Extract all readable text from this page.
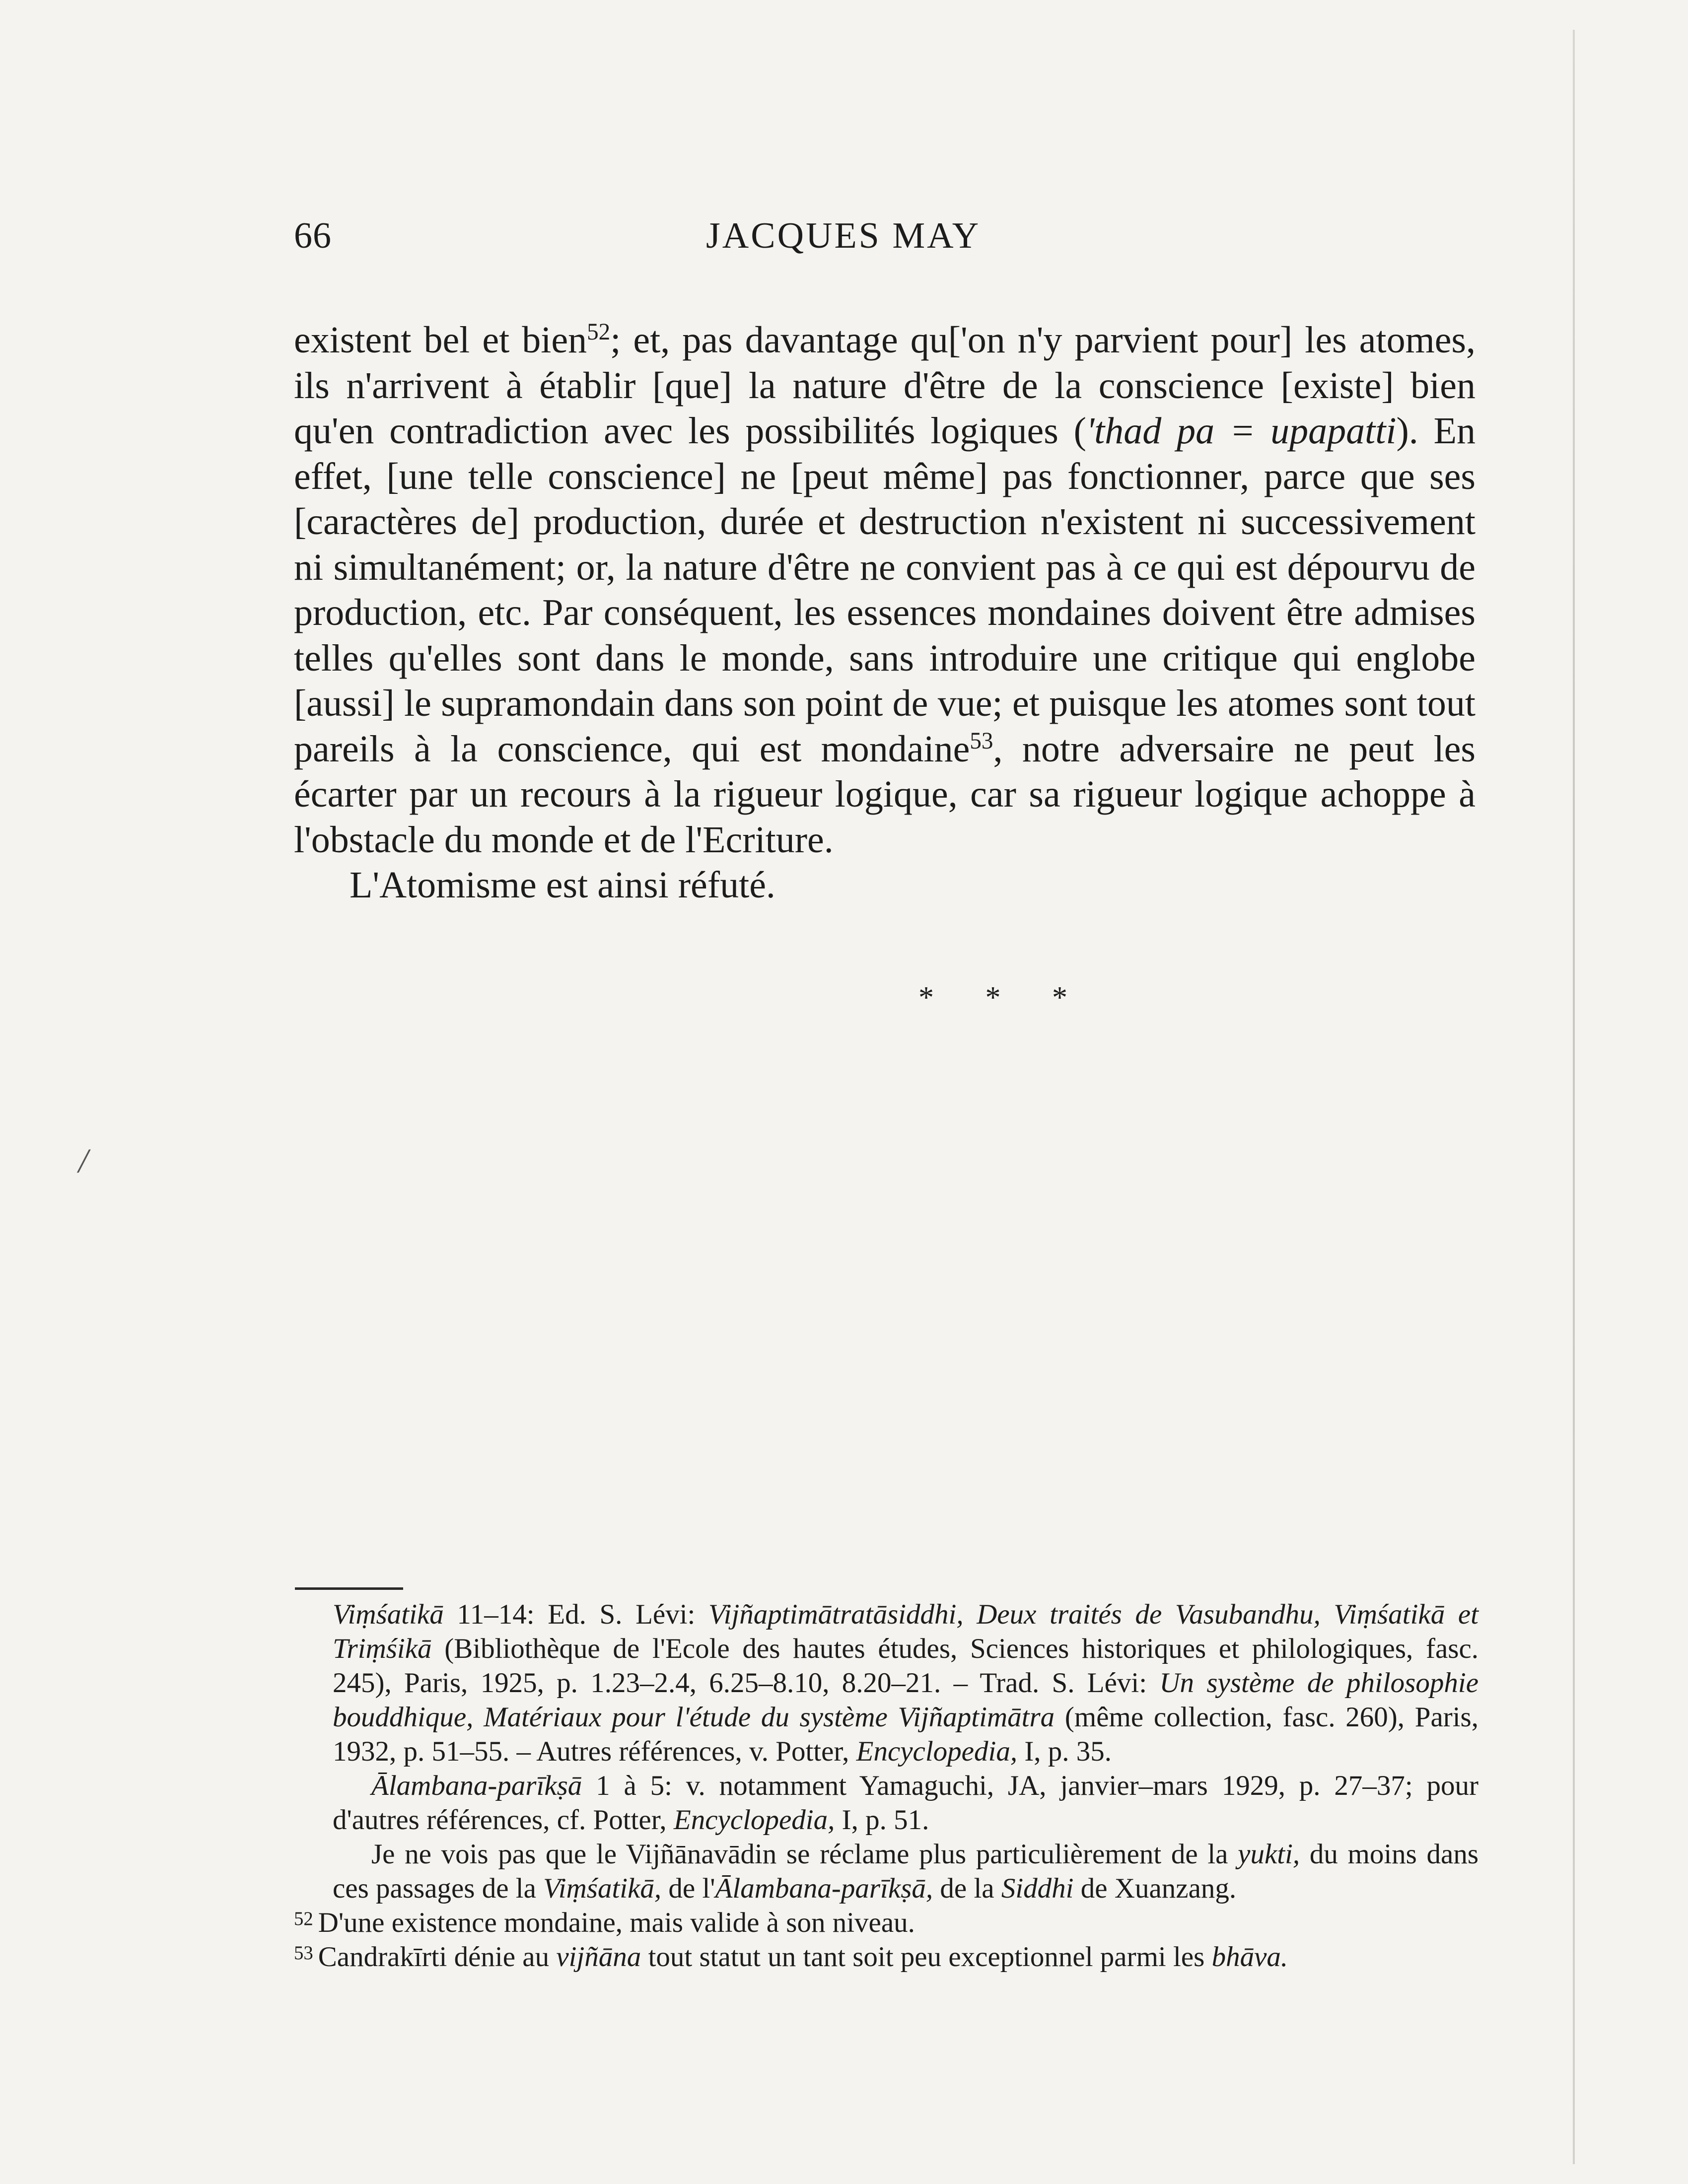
/
66	JACQUES MAY

existent bel et bien$^{52}$; et, pas davantage qu['on n'y parvient pour] les atomes, ils n'arrivent à établir [que] la nature d'être de la conscience [existe] bien qu'en contradiction avec les possibilités logiques ('thad pa = upapatti). En effet, [une telle conscience] ne [peut même] pas fonctionner, parce que ses [caractères de] production, durée et destruction n'existent ni successivement ni simultanément; or, la nature d'être ne convient pas à ce qui est dépourvu de production, etc. Par conséquent, les essences mondaines doivent être admises telles qu'elles sont dans le monde, sans introduire une critique qui englobe [aussi] le supramondain dans son point de vue; et puisque les atomes sont tout pareils à la conscience, qui est mondaine$^{53}$, notre adversaire ne peut les écarter par un recours à la rigueur logique, car sa rigueur logique achoppe à l'obstacle du monde et de l'Ecriture.

L'Atomisme est ainsi réfuté.

* * *

Viṃśatikā 11–14: Ed. S. Lévi: Vijñaptimātratāsiddhi, Deux traités de Vasubandhu, Viṃśatikā et Triṃśikā (Bibliothèque de l'Ecole des hautes études, Sciences historiques et philologiques, fasc. 245), Paris, 1925, p. 1.23–2.4, 6.25–8.10, 8.20–21. – Trad. S. Lévi: Un système de philosophie bouddhique, Matériaux pour l'étude du système Vijñaptimātra (même collection, fasc. 260), Paris, 1932, p. 51–55. – Autres références, v. Potter, Encyclopedia, I, p. 35.

Ālambana-parīkṣā 1 à 5: v. notamment Yamaguchi, JA, janvier–mars 1929, p. 27–37; pour d'autres références, cf. Potter, Encyclopedia, I, p. 51.

Je ne vois pas que le Vijñānavādin se réclame plus particulièrement de la yukti, du moins dans ces passages de la Viṃśatikā, de l'Ālambana-parīkṣā, de la Siddhi de Xuanzang.

$^{52}$ D'une existence mondaine, mais valide à son niveau.

$^{53}$ Candrakīrti dénie au vijñāna tout statut un tant soit peu exceptionnel parmi les bhāva.
